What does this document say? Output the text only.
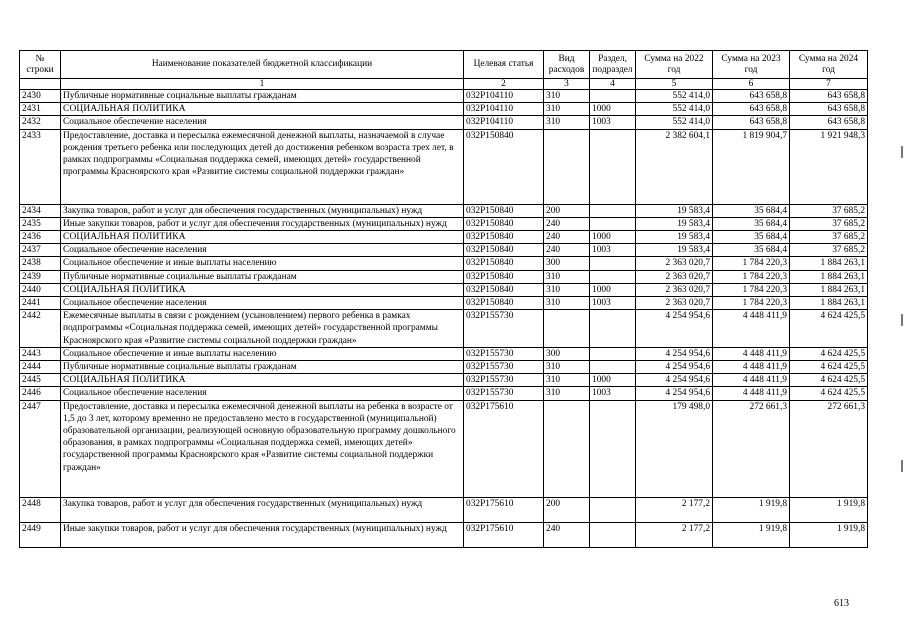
№ строки	Наименование показателей бюджетной классификации	Целевая статья	Вид расходов	Раздел, подраздел	Сумма на 2022 год	Сумма на 2023 год	Сумма на 2024 год
	1	2	3	4	5	6	7
2430	Публичные нормативные социальные выплаты гражданам	032Р104110	310		552 414,0	643 658,8	643 658,8
2431	СОЦИАЛЬНАЯ ПОЛИТИКА	032Р104110	310	1000	552 414,0	643 658,8	643 658,8
2432	Социальное обеспечение населения	032Р104110	310	1003	552 414,0	643 658,8	643 658,8
2433	Предоставление, доставка и пересылка ежемесячной денежной выплаты, назначаемой в случае рождения третьего ребенка или последующих детей до достижения ребенком возраста трех лет, в рамках подпрограммы «Социальная поддержка семей, имеющих детей» государственной программы Красноярского края «Развитие системы социальной поддержки граждан»	032Р150840			2 382 604,1	1 819 904,7	1 921 948,3
2434	Закупка товаров, работ и услуг для обеспечения государственных (муниципальных) нужд	032Р150840	200		19 583,4	35 684,4	37 685,2
2435	Иные закупки товаров, работ и услуг для обеспечения государственных (муниципальных) нужд	032Р150840	240		19 583,4	35 684,4	37 685,2
2436	СОЦИАЛЬНАЯ ПОЛИТИКА	032Р150840	240	1000	19 583,4	35 684,4	37 685,2
2437	Социальное обеспечение населения	032Р150840	240	1003	19 583,4	35 684,4	37 685,2
2438	Социальное обеспечение и иные выплаты населению	032Р150840	300		2 363 020,7	1 784 220,3	1 884 263,1
2439	Публичные нормативные социальные выплаты гражданам	032Р150840	310		2 363 020,7	1 784 220,3	1 884 263,1
2440	СОЦИАЛЬНАЯ ПОЛИТИКА	032Р150840	310	1000	2 363 020,7	1 784 220,3	1 884 263,1
2441	Социальное обеспечение населения	032Р150840	310	1003	2 363 020,7	1 784 220,3	1 884 263,1
2442	Ежемесячные выплаты в связи с рождением (усыновлением) первого ребенка в рамках подпрограммы «Социальная поддержка семей, имеющих детей» государственной программы Красноярского края «Развитие системы социальной поддержки граждан»	032Р155730			4 254 954,6	4 448 411,9	4 624 425,5
2443	Социальное обеспечение и иные выплаты населению	032Р155730	300		4 254 954,6	4 448 411,9	4 624 425,5
2444	Публичные нормативные социальные выплаты гражданам	032Р155730	310		4 254 954,6	4 448 411,9	4 624 425,5
2445	СОЦИАЛЬНАЯ ПОЛИТИКА	032Р155730	310	1000	4 254 954,6	4 448 411,9	4 624 425,5
2446	Социальное обеспечение населения	032Р155730	310	1003	4 254 954,6	4 448 411,9	4 624 425,5
2447	Предоставление, доставка и пересылка ежемесячной денежной выплаты на ребенка в возрасте от 1,5 до 3 лет, которому временно не предоставлено место в государственной (муниципальной) образовательной организации, реализующей основную образовательную программу дошкольного образования, в рамках подпрограммы «Социальная поддержка семей, имеющих детей» государственной программы Красноярского края «Развитие системы социальной поддержки граждан»	032Р175610			179 498,0	272 661,3	272 661,3
2448	Закупка товаров, работ и услуг для обеспечения государственных (муниципальных) нужд	032Р175610	200		2 177,2	1 919,8	1 919,8
2449	Иные закупки товаров, работ и услуг для обеспечения государственных (муниципальных) нужд	032Р175610	240		2 177,2	1 919,8	1 919,8
613
